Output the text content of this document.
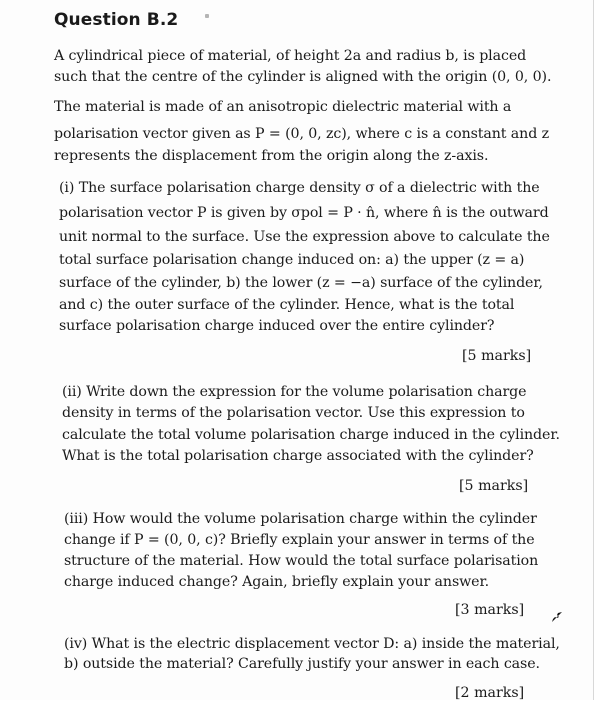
Question B.2
A cylindrical piece of material, of height 2a and radius b, is placed
such that the centre of the cylinder is aligned with the origin (0, 0, 0).
The material is made of an anisotropic dielectric material with a
polarisation vector given as P = (0, 0, zc), where c is a constant and z
represents the displacement from the origin along the z-axis.
(i) The surface polarisation charge density σ of a dielectric with the
polarisation vector P is given by σpol = P · n̂, where n̂ is the outward
unit normal to the surface. Use the expression above to calculate the
total surface polarisation change induced on: a) the upper (z = a)
surface of the cylinder, b) the lower (z = −a) surface of the cylinder,
and c) the outer surface of the cylinder. Hence, what is the total
surface polarisation charge induced over the entire cylinder?
[5 marks]
(ii) Write down the expression for the volume polarisation charge
density in terms of the polarisation vector. Use this expression to
calculate the total volume polarisation charge induced in the cylinder.
What is the total polarisation charge associated with the cylinder?
[5 marks]
(iii) How would the volume polarisation charge within the cylinder
change if P = (0, 0, c)? Briefly explain your answer in terms of the
structure of the material. How would the total surface polarisation
charge induced change? Again, briefly explain your answer.
[3 marks]
(iv) What is the electric displacement vector D: a) inside the material,
b) outside the material? Carefully justify your answer in each case.
[2 marks]
